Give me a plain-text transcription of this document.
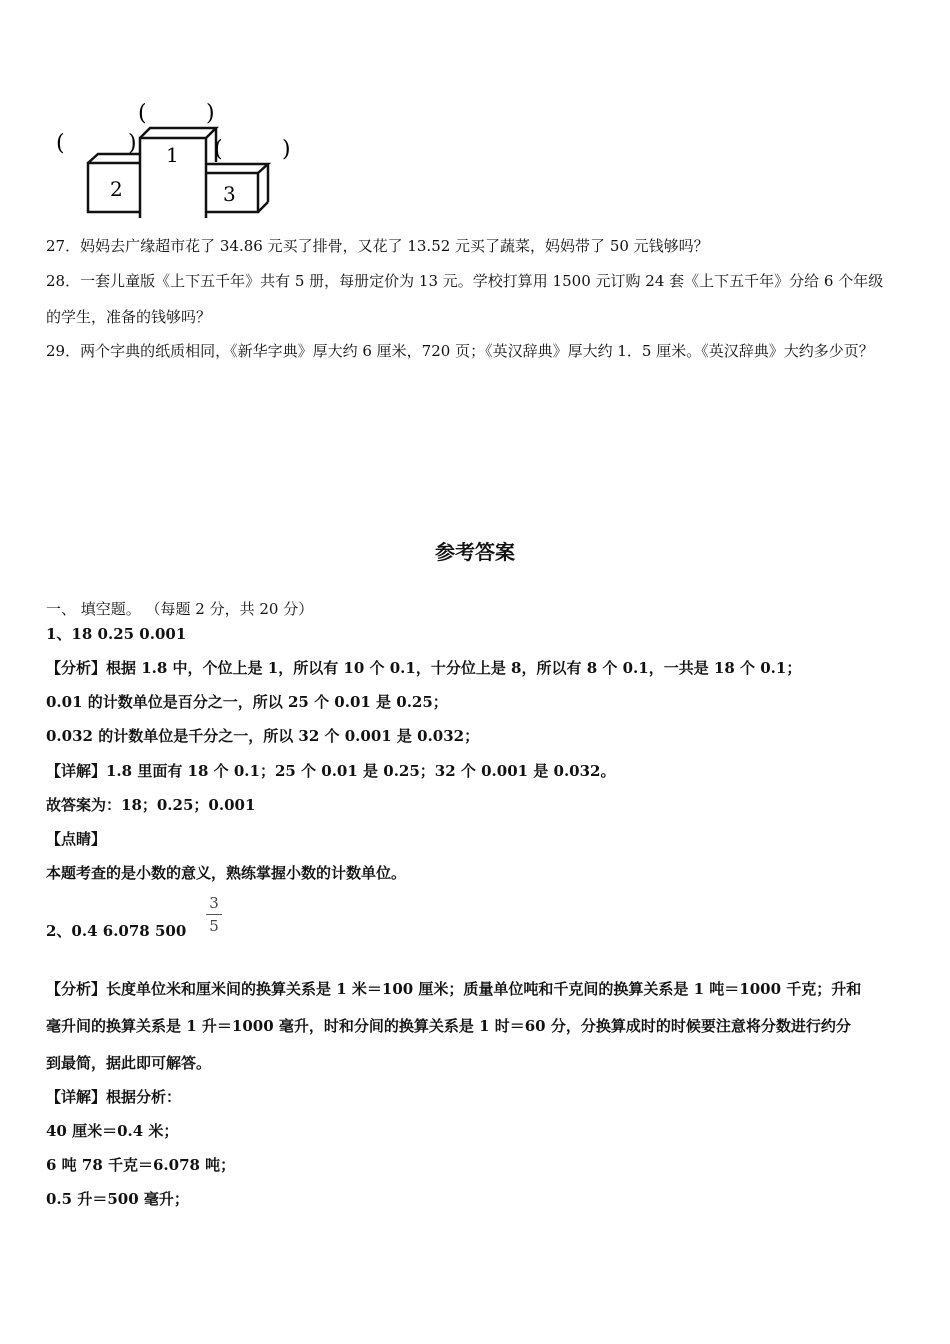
1
2	3
(	)
(	)	(	)
27．妈妈去广缘超市花了 34.86 元买了排骨，又花了 13.52 元买了蔬菜，妈妈带了 50 元钱够吗？
28．一套儿童版《上下五千年》共有 5 册，每册定价为 13 元。学校打算用 1500 元订购 24 套《上下五千年》分给 6 个年级
的学生，准备的钱够吗？
29．两个字典的纸质相同，《新华字典》厚大约 6 厘米，720 页；《英汉辞典》厚大约 1．5 厘米。《英汉辞典》大约多少页？
参考答案
一、 填空题。 （每题 2 分，共 20 分）
1、18 0.25 0.001
【分析】根据 1.8 中，个位上是 1，所以有 10 个 0.1，十分位上是 8，所以有 8 个 0.1，一共是 18 个 0.1；
0.01 的计数单位是百分之一，所以 25 个 0.01 是 0.25；
0.032 的计数单位是千分之一，所以 32 个 0.001 是 0.032；
【详解】1.8 里面有 18 个 0.1；25 个 0.01 是 0.25；32 个 0.001 是 0.032。
故答案为：18；0.25；0.001
【点睛】
本题考查的是小数的意义，熟练掌握小数的计数单位。
2、0.4 6.078 500
3
5
【分析】长度单位米和厘米间的换算关系是 1 米＝100 厘米；质量单位吨和千克间的换算关系是 1 吨＝1000 千克；升和
毫升间的换算关系是 1 升＝1000 毫升，时和分间的换算关系是 1 时＝60 分，分换算成时的时候要注意将分数进行约分
到最简，据此即可解答。
【详解】根据分析：
40 厘米＝0.4 米；
6 吨 78 千克＝6.078 吨；
0.5 升＝500 毫升；
